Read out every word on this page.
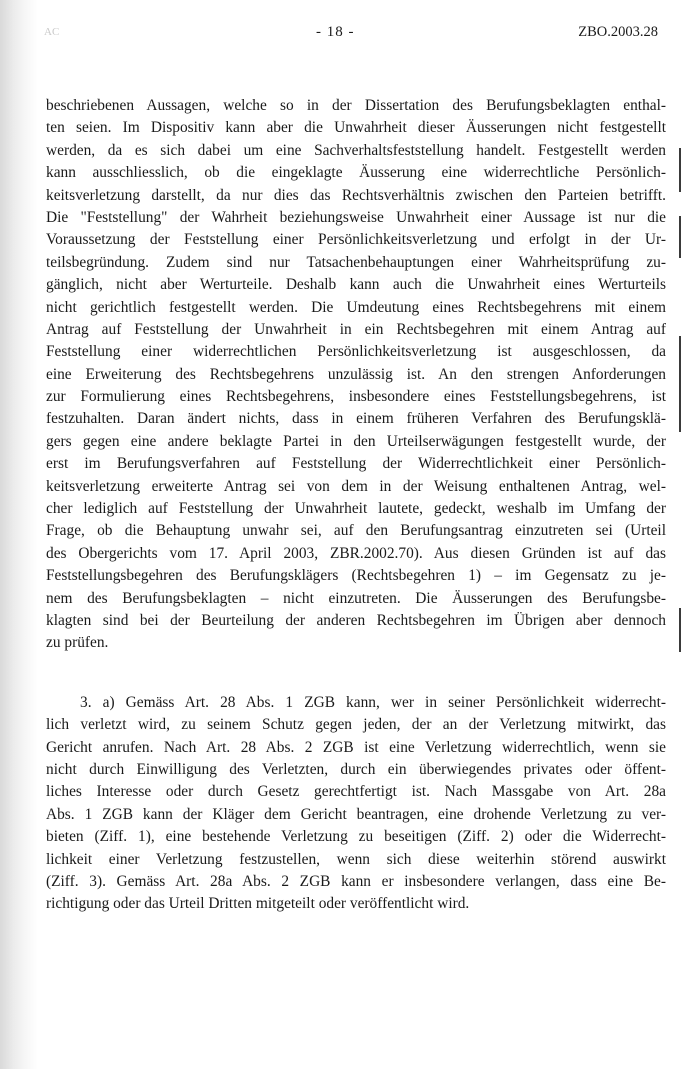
AC	- 18 -	ZBO.2003.28
beschriebenen Aussagen, welche so in der Dissertation des Berufungsbeklagten enthal-
ten seien. Im Dispositiv kann aber die Unwahrheit dieser Äusserungen nicht festgestellt
werden, da es sich dabei um eine Sachverhaltsfeststellung handelt. Festgestellt werden
kann ausschliesslich, ob die eingeklagte Äusserung eine widerrechtliche Persönlich-
keitsverletzung darstellt, da nur dies das Rechtsverhältnis zwischen den Parteien betrifft.
Die "Feststellung" der Wahrheit beziehungsweise Unwahrheit einer Aussage ist nur die
Voraussetzung der Feststellung einer Persönlichkeitsverletzung und erfolgt in der Ur-
teilsbegründung. Zudem sind nur Tatsachenbehauptungen einer Wahrheitsprüfung zu-
gänglich, nicht aber Werturteile. Deshalb kann auch die Unwahrheit eines Werturteils
nicht gerichtlich festgestellt werden. Die Umdeutung eines Rechtsbegehrens mit einem
Antrag auf Feststellung der Unwahrheit in ein Rechtsbegehren mit einem Antrag auf
Feststellung einer widerrechtlichen Persönlichkeitsverletzung ist ausgeschlossen, da
eine Erweiterung des Rechtsbegehrens unzulässig ist. An den strengen Anforderungen
zur Formulierung eines Rechtsbegehrens, insbesondere eines Feststellungsbegehrens, ist
festzuhalten. Daran ändert nichts, dass in einem früheren Verfahren des Berufungsklä-
gers gegen eine andere beklagte Partei in den Urteilserwägungen festgestellt wurde, der
erst im Berufungsverfahren auf Feststellung der Widerrechtlichkeit einer Persönlich-
keitsverletzung erweiterte Antrag sei von dem in der Weisung enthaltenen Antrag, wel-
cher lediglich auf Feststellung der Unwahrheit lautete, gedeckt, weshalb im Umfang der
Frage, ob die Behauptung unwahr sei, auf den Berufungsantrag einzutreten sei (Urteil
des Obergerichts vom 17. April 2003, ZBR.2002.70). Aus diesen Gründen ist auf das
Feststellungsbegehren des Berufungsklägers (Rechtsbegehren 1) – im Gegensatz zu je-
nem des Berufungsbeklagten – nicht einzutreten. Die Äusserungen des Berufungsbe-
klagten sind bei der Beurteilung der anderen Rechtsbegehren im Übrigen aber dennoch
zu prüfen.
3. a) Gemäss Art. 28 Abs. 1 ZGB kann, wer in seiner Persönlichkeit widerrecht-
lich verletzt wird, zu seinem Schutz gegen jeden, der an der Verletzung mitwirkt, das
Gericht anrufen. Nach Art. 28 Abs. 2 ZGB ist eine Verletzung widerrechtlich, wenn sie
nicht durch Einwilligung des Verletzten, durch ein überwiegendes privates oder öffent-
liches Interesse oder durch Gesetz gerechtfertigt ist. Nach Massgabe von Art. 28a
Abs. 1 ZGB kann der Kläger dem Gericht beantragen, eine drohende Verletzung zu ver-
bieten (Ziff. 1), eine bestehende Verletzung zu beseitigen (Ziff. 2) oder die Widerrecht-
lichkeit einer Verletzung festzustellen, wenn sich diese weiterhin störend auswirkt
(Ziff. 3). Gemäss Art. 28a Abs. 2 ZGB kann er insbesondere verlangen, dass eine Be-
richtigung oder das Urteil Dritten mitgeteilt oder veröffentlicht wird.
